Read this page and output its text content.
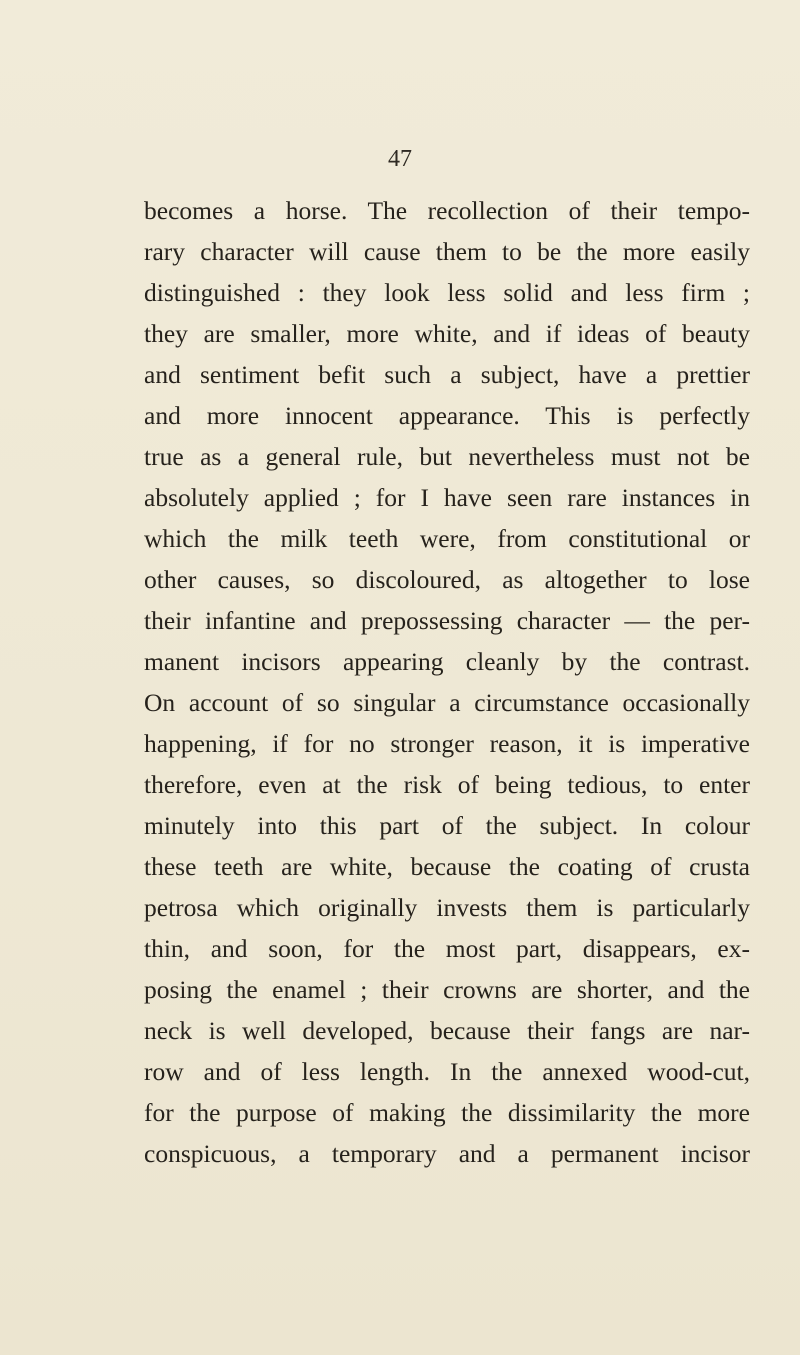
47
becomes a horse. The recollection of their tempo-
rary character will cause them to be the more easily
distinguished : they look less solid and less firm ;
they are smaller, more white, and if ideas of beauty
and sentiment befit such a subject, have a prettier
and more innocent appearance. This is perfectly
true as a general rule, but nevertheless must not be
absolutely applied ; for I have seen rare instances in
which the milk teeth were, from constitutional or
other causes, so discoloured, as altogether to lose
their infantine and prepossessing character — the per-
manent incisors appearing cleanly by the contrast.
On account of so singular a circumstance occasionally
happening, if for no stronger reason, it is imperative
therefore, even at the risk of being tedious, to enter
minutely into this part of the subject. In colour
these teeth are white, because the coating of crusta
petrosa which originally invests them is particularly
thin, and soon, for the most part, disappears, ex-
posing the enamel ; their crowns are shorter, and the
neck is well developed, because their fangs are nar-
row and of less length. In the annexed wood-cut,
for the purpose of making the dissimilarity the more
conspicuous, a temporary and a permanent incisor
